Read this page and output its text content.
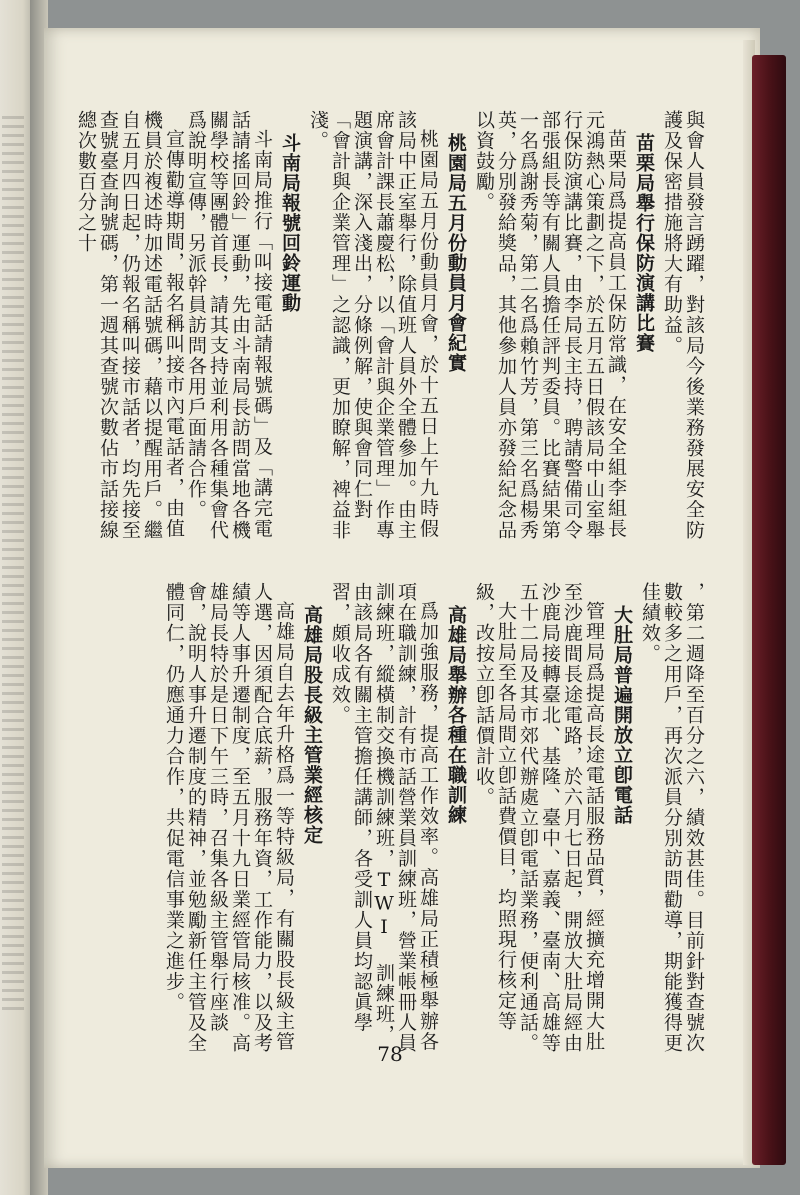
與會人員發言踴躍，對該局今後業務發展安全防護及保密措施將大有助益。

苗栗局舉行保防演講比賽

苗栗局爲提高員工保防常識，在安全組李組長元鴻熱心策劃之下，於五月五日假該局中山室舉行保防演講比賽，由李局長主持，聘請警備司令部張組長等有關人員擔任評判委員。比賽結果第一名爲謝秀菊，第二名爲賴竹芳，第三名爲楊秀英，分別發給獎品，其他參加人員亦發給紀念品以資鼓勵。

桃園局五月份動員月會紀實

桃園局五月份動員月會，於十五日上午九時假該局中正室舉行，除值班人員外全體參加。由主席會計課長蕭慶松，以「會計與企業管理」作專題演講，深入淺出，分條例解，使與會同仁對「會計與企業管理」之認識，更加瞭解，裨益非淺。

斗南局報號回鈴運動

斗南局推行「叫接電話請報號碼」及「講完電話請搖回鈴」運動，先由斗南局長訪問當地各機關學校等團體首長，請其支持並利用各種集會代爲說明宣傳，另派幹員訪問各用戶面請合作。

宣傳勸導期間，報名稱叫接市內電話者，由值機員於複述時加述電話號碼，藉以提醒用戶。繼自五月四日起，仍報名稱叫接市話者，均先接至查號臺查詢號碼，第一週其查號次數佔市話接線總次數百分之十

，第二週降至百分之六，績效甚佳。目前針對查號次數較多之用戶，再次派員分別訪問勸導，期能獲得更佳績效。

大肚局普遍開放立卽電話

管理局爲提高長途電話服務品質，經擴充增開大肚至沙鹿間長途電路，於六月七日起，開放大肚局經由沙鹿局接轉臺北、基隆、臺中、嘉義、臺南、高雄等五十二局及其市郊代辦處立卽電話業務，便利通話。

大肚局至各局間立卽話費價目，均照現行核定等級，改按立卽話價計收。

高雄局舉辦各種在職訓練

爲加強服務，提高工作效率。高雄局正積極舉辦各項在職訓練，計有市話營業員訓練班，營業帳冊人員訓練班，縱橫制交換機訓練班，TWI 訓練班，由該局各有關主管擔任講師，各受訓人員均認眞學習，頗收成效。

高雄局股長級主管業經核定

高雄局自去年升格爲一等特級局，有關股長級主管人選，因須配合底薪，服務年資，工作能力，以及考績等人事升遷制度，至五月十九日業經管局核准。高雄局長特於是日下午三時，召集各級主管舉行座談會，說明人事升遷制度的精神，並勉勵新任主管及全體同仁，仍應通力合作，共促電信事業之進步。

78
